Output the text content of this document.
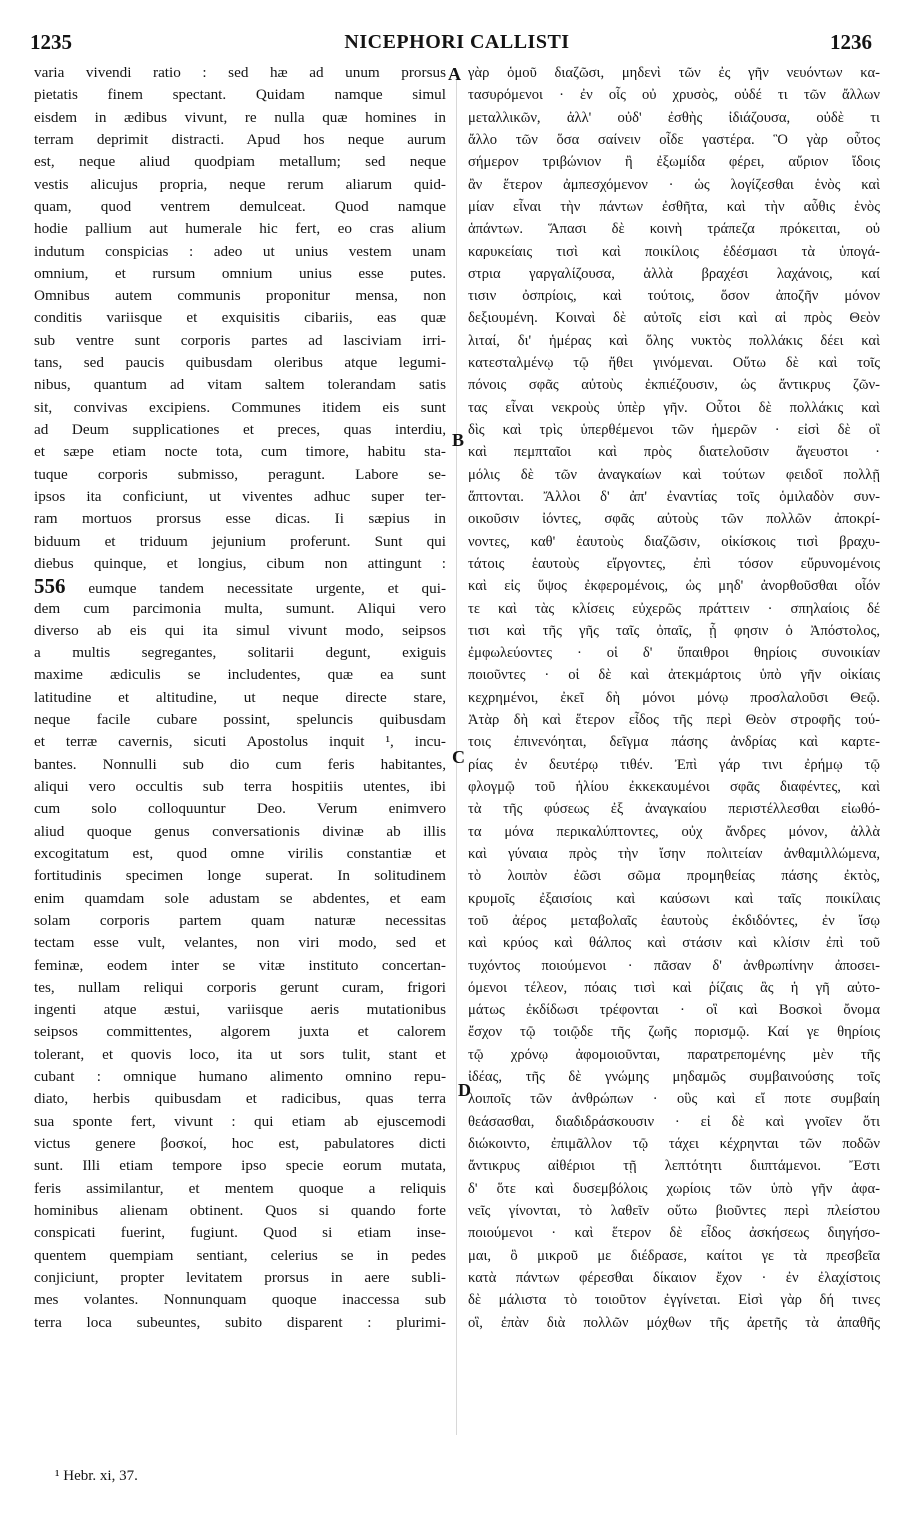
1235	NICEPHORI CALLISTI	1236
A
B
C
D
varia vivendi ratio : sed hæ ad unum prorsus
pietatis finem spectant. Quidam namque simul
eisdem in ædibus vivunt, re nulla quæ homines in
terram deprimit distracti. Apud hos neque aurum
est, neque aliud quodpiam metallum; sed neque
vestis alicujus propria, neque rerum aliarum quid-
quam, quod ventrem demulceat. Quod namque
hodie pallium aut humerale hic fert, eo cras alium
indutum conspicias : adeo ut unius vestem unam
omnium, et rursum omnium unius esse putes.
Omnibus autem communis proponitur mensa, non
conditis variisque et exquisitis cibariis, eas quæ
sub ventre sunt corporis partes ad lasciviam irri-
tans, sed paucis quibusdam oleribus atque legumi-
nibus, quantum ad vitam saltem tolerandam satis
sit, convivas excipiens. Communes itidem eis sunt
ad Deum supplicationes et preces, quas interdiu,
et sæpe etiam nocte tota, cum timore, habitu sta-
tuque corporis submisso, peragunt. Labore se-
ipsos ita conficiunt, ut viventes adhuc super ter-
ram mortuos prorsus esse dicas. Ii sæpius in
biduum et triduum jejunium proferunt. Sunt qui
diebus quinque, et longius, cibum non attingunt :
556 eumque tandem necessitate urgente, et qui-
dem cum parcimonia multa, sumunt. Aliqui vero
diverso ab eis qui ita simul vivunt modo, seipsos
a multis segregantes, solitarii degunt, exiguis
maxime ædiculis se includentes, quæ ea sunt
latitudine et altitudine, ut neque directe stare,
neque facile cubare possint, speluncis quibusdam
et terræ cavernis, sicuti Apostolus inquit ¹, incu-
bantes. Nonnulli sub dio cum feris habitantes,
aliqui vero occultis sub terra hospitiis utentes, ibi
cum solo colloquuntur Deo. Verum enimvero
aliud quoque genus conversationis divinæ ab illis
excogitatum est, quod omne virilis constantiæ et
fortitudinis specimen longe superat. In solitudinem
enim quamdam sole adustam se abdentes, et eam
solam corporis partem quam naturæ necessitas
tectam esse vult, velantes, non viri modo, sed et
feminæ, eodem inter se vitæ instituto concertan-
tes, nullam reliqui corporis gerunt curam, frigori
ingenti atque æstui, variisque aeris mutationibus
seipsos committentes, algorem juxta et calorem
tolerant, et quovis loco, ita ut sors tulit, stant et
cubant : omnique humano alimento omnino repu-
diato, herbis quibusdam et radicibus, quas terra
sua sponte fert, vivunt : qui etiam ab ejuscemodi
victus genere βοσκοί, hoc est, pabulatores dicti
sunt. Illi etiam tempore ipso specie eorum mutata,
feris assimilantur, et mentem quoque a reliquis
hominibus alienam obtinent. Quos si quando forte
conspicati fuerint, fugiunt. Quod si etiam inse-
quentem quempiam sentiant, celerius se in pedes
conjiciunt, propter levitatem prorsus in aere subli-
mes volantes. Nonnunquam quoque inaccessa sub
terra loca subeuntes, subito disparent : plurimi-
γὰρ ὁμοῦ διαζῶσι, μηδενὶ τῶν ἐς γῆν νευόντων κα-
τασυρόμενοι · ἐν οἷς οὐ χρυσὸς, οὐδέ τι τῶν ἄλλων
μεταλλικῶν, ἀλλ' οὐδ' ἐσθὴς ἰδιάζουσα, οὐδὲ τι
ἄλλο τῶν ὅσα σαίνειν οἶδε γαστέρα. Ὃ γὰρ οὗτος
σήμερον τριβώνιον ἢ ἐξωμίδα φέρει, αὔριον ἴδοις
ἂν ἕτερον ἀμπεσχόμενον · ὡς λογίζεσθαι ἑνὸς καὶ
μίαν εἶναι τὴν πάντων ἐσθῆτα, καὶ τὴν αὖθις ἑνὸς
ἁπάντων. Ἅπασι δὲ κοινὴ τράπεζα πρόκειται, οὐ
καρυκείαις τισὶ καὶ ποικίλοις ἐδέσμασι τὰ ὑπογά-
στρια γαργαλίζουσα, ἀλλὰ βραχέσι λαχάνοις, καί
τισιν ὀσπρίοις, καὶ τούτοις, ὅσον ἀποζῆν μόνον
δεξιουμένη. Κοιναὶ δὲ αὐτοῖς εἰσι καὶ αἱ πρὸς Θεὸν
λιταί, δι' ἡμέρας καὶ ὅλης νυκτὸς πολλάκις δέει καὶ
κατεσταλμένῳ τῷ ἤθει γινόμεναι. Οὕτω δὲ καὶ τοῖς
πόνοις σφᾶς αὐτοὺς ἐκπιέζουσιν, ὡς ἄντικρυς ζῶν-
τας εἶναι νεκροὺς ὑπὲρ γῆν. Οὗτοι δὲ πολλάκις καὶ
δὶς καὶ τρὶς ὑπερθέμενοι τῶν ἡμερῶν · εἰσὶ δὲ οἳ
καὶ πεμπταῖοι καὶ πρὸς διατελοῦσιν ἄγευστοι ·
μόλις δὲ τῶν ἀναγκαίων καὶ τούτων φειδοῖ πολλῇ
ἅπτονται. Ἄλλοι δ' ἀπ' ἐναντίας τοῖς ὁμιλαδὸν συν-
οικοῦσιν ἰόντες, σφᾶς αὐτοὺς τῶν πολλῶν ἀποκρί-
νοντες, καθ' ἑαυτοὺς διαζῶσιν, οἰκίσκοις τισὶ βραχυ-
τάτοις ἑαυτοὺς εἴργοντες, ἐπὶ τόσον εὔρυνομένοις
καὶ εἰς ὕψος ἐκφερομένοις, ὡς μηδ' ἀνορθοῦσθαι οἷόν
τε καὶ τὰς κλίσεις εὐχερῶς πράττειν · σπηλαίοις δέ
τισι καὶ τῆς γῆς ταῖς ὀπαῖς, ᾗ φησιν ὁ Ἀπόστολος,
ἐμφωλεύοντες · οἱ δ' ὕπαιθροι θηρίοις συνοικίαν
ποιοῦντες · οἱ δὲ καὶ ἀτεκμάρτοις ὑπὸ γῆν οἰκίαις
κεχρημένοι, ἐκεῖ δὴ μόνοι μόνῳ προσλαλοῦσι Θεῷ.
Ἀτὰρ δὴ καὶ ἕτερον εἶδος τῆς περὶ Θεὸν στροφῆς τού-
τοις ἐπινενόηται, δεῖγμα πάσης ἀνδρίας καὶ καρτε-
ρίας ἐν δευτέρῳ τιθέν. Ἐπὶ γάρ τινι ἐρήμῳ τῷ
φλογμῷ τοῦ ἡλίου ἐκκεκαυμένοι σφᾶς διαφέντες, καὶ
τὰ τῆς φύσεως ἐξ ἀναγκαίου περιστέλλεσθαι εἰωθό-
τα μόνα περικαλύπτοντες, οὐχ ἄνδρες μόνον, ἀλλὰ
καὶ γύναια πρὸς τὴν ἴσην πολιτείαν ἀνθαμιλλώμενα,
τὸ λοιπὸν ἐῶσι σῶμα προμηθείας πάσης ἐκτὸς,
κρυμοῖς ἐξαισίοις καὶ καύσωνι καὶ ταῖς ποικίλαις
τοῦ ἀέρος μεταβολαῖς ἑαυτοὺς ἐκδιδόντες, ἐν ἴσῳ
καὶ κρύος καὶ θάλπος καὶ στάσιν καὶ κλίσιν ἐπὶ τοῦ
τυχόντος ποιούμενοι · πᾶσαν δ' ἀνθρωπίνην ἀποσει-
όμενοι τέλεον, πόαις τισὶ καὶ ῥίζαις ἃς ἡ γῆ αὐτο-
μάτως ἐκδίδωσι τρέφονται · οἳ καὶ Βοσκοὶ ὄνομα
ἔσχον τῷ τοιῷδε τῆς ζωῆς πορισμῷ. Καί γε θηρίοις
τῷ χρόνῳ ἀφομοιοῦνται, παρατρεπομένης μὲν τῆς
ἰδέας, τῆς δὲ γνώμης μηδαμῶς συμβαινούσης τοῖς
λοιποῖς τῶν ἀνθρώπων · οὓς καὶ εἴ ποτε συμβαίη
θεάσασθαι, διαδιδράσκουσιν · εἰ δὲ καὶ γνοῖεν ὅτι
διώκοιντο, ἐπιμᾶλλον τῷ τάχει κέχρηνται τῶν ποδῶν
ἄντικρυς αἰθέριοι τῇ λεπτότητι διιπτάμενοι. Ἔστι
δ' ὅτε καὶ δυσεμβόλοις χωρίοις τῶν ὑπὸ γῆν ἀφα-
νεῖς γίνονται, τὸ λαθεῖν οὕτω βιοῦντες περὶ πλείστου
ποιούμενοι · καὶ ἕτερον δὲ εἶδος ἀσκήσεως διηγήσο-
μαι, ὃ μικροῦ με διέδρασε, καίτοι γε τὰ πρεσβεῖα
κατὰ πάντων φέρεσθαι δίκαιον ἔχον · ἐν ἐλαχίστοις
δὲ μάλιστα τὸ τοιοῦτον ἐγγίνεται. Εἰσὶ γὰρ δή τινες
οἳ, ἐπὰν διὰ πολλῶν μόχθων τῆς ἀρετῆς τὰ ἀπαθῆς
¹ Hebr. xi, 37.
